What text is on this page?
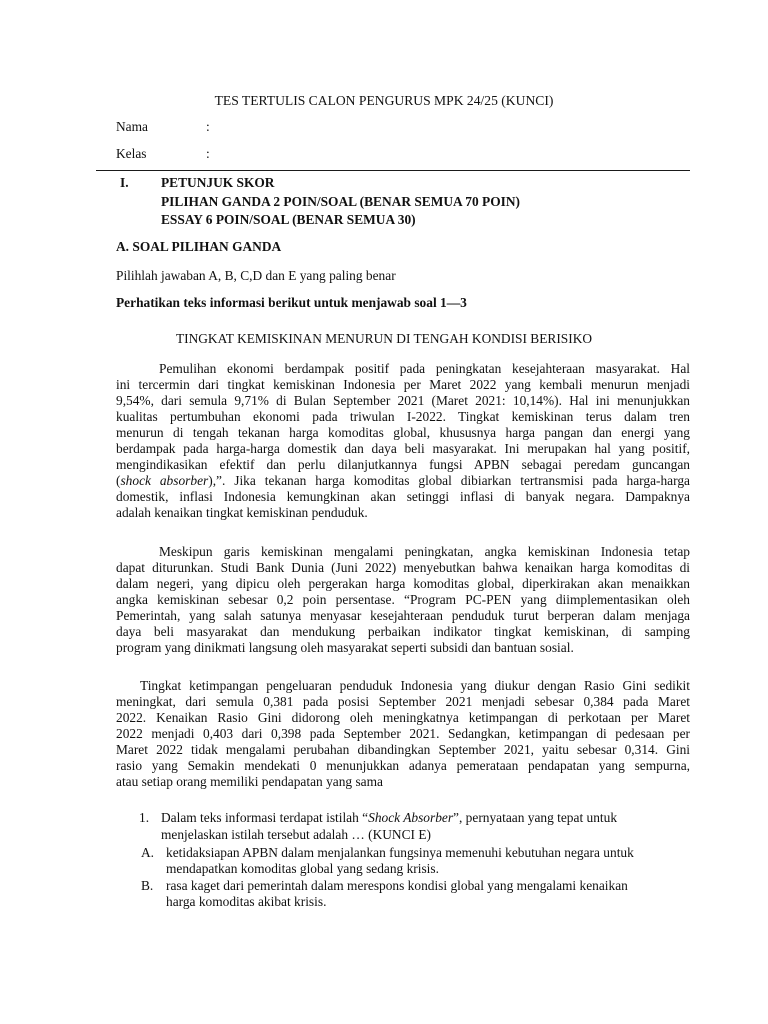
TES TERTULIS CALON PENGURUS MPK 24/25 (KUNCI)
Nama	:
Kelas	:
I. PETUNJUK SKOR
PILIHAN GANDA 2 POIN/SOAL (BENAR SEMUA 70 POIN)
ESSAY 6 POIN/SOAL (BENAR SEMUA 30)
A. SOAL PILIHAN GANDA
Pilihlah jawaban A, B, C,D dan E yang paling benar
Perhatikan teks informasi berikut untuk menjawab soal 1—3
TINGKAT KEMISKINAN MENURUN DI TENGAH KONDISI BERISIKO
Pemulihan ekonomi berdampak positif pada peningkatan kesejahteraan masyarakat. Hal
ini tercermin dari tingkat kemiskinan Indonesia per Maret 2022 yang kembali menurun menjadi
9,54%, dari semula 9,71% di Bulan September 2021 (Maret 2021: 10,14%). Hal ini menunjukkan
kualitas pertumbuhan ekonomi pada triwulan I-2022. Tingkat kemiskinan terus dalam tren
menurun di tengah tekanan harga komoditas global, khususnya harga pangan dan energi yang
berdampak pada harga-harga domestik dan daya beli masyarakat. Ini merupakan hal yang positif,
mengindikasikan efektif dan perlu dilanjutkannya fungsi APBN sebagai peredam guncangan
(shock absorber),”. Jika tekanan harga komoditas global dibiarkan tertransmisi pada harga-harga
domestik, inflasi Indonesia kemungkinan akan setinggi inflasi di banyak negara. Dampaknya
adalah kenaikan tingkat kemiskinan penduduk.
Meskipun garis kemiskinan mengalami peningkatan, angka kemiskinan Indonesia tetap
dapat diturunkan. Studi Bank Dunia (Juni 2022) menyebutkan bahwa kenaikan harga komoditas di
dalam negeri, yang dipicu oleh pergerakan harga komoditas global, diperkirakan akan menaikkan
angka kemiskinan sebesar 0,2 poin persentase. “Program PC-PEN yang diimplementasikan oleh
Pemerintah, yang salah satunya menyasar kesejahteraan penduduk turut berperan dalam menjaga
daya beli masyarakat dan mendukung perbaikan indikator tingkat kemiskinan, di samping
program yang dinikmati langsung oleh masyarakat seperti subsidi dan bantuan sosial.
Tingkat ketimpangan pengeluaran penduduk Indonesia yang diukur dengan Rasio Gini sedikit
meningkat, dari semula 0,381 pada posisi September 2021 menjadi sebesar 0,384 pada Maret
2022. Kenaikan Rasio Gini didorong oleh meningkatnya ketimpangan di perkotaan per Maret
2022 menjadi 0,403 dari 0,398 pada September 2021. Sedangkan, ketimpangan di pedesaan per
Maret 2022 tidak mengalami perubahan dibandingkan September 2021, yaitu sebesar 0,314. Gini
rasio yang Semakin mendekati 0 menunjukkan adanya pemerataan pendapatan yang sempurna,
atau setiap orang memiliki pendapatan yang sama
1. Dalam teks informasi terdapat istilah “Shock Absorber”, pernyataan yang tepat untuk
menjelaskan istilah tersebut adalah … (KUNCI E)
A. ketidaksiapan APBN dalam menjalankan fungsinya memenuhi kebutuhan negara untuk
mendapatkan komoditas global yang sedang krisis.
B. rasa kaget dari pemerintah dalam merespons kondisi global yang mengalami kenaikan
harga komoditas akibat krisis.
